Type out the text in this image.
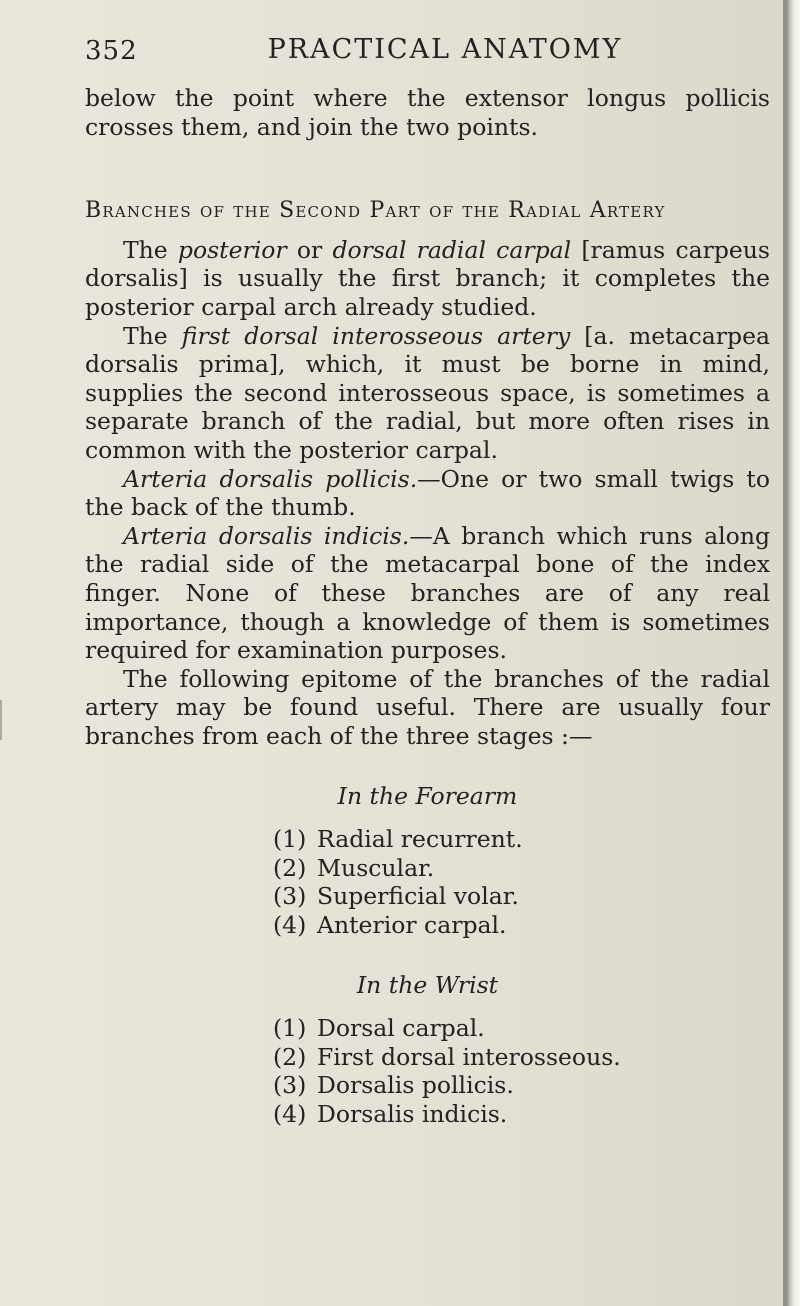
352	PRACTICAL ANATOMY

below the point where the extensor longus pollicis crosses them, and join the two points.

Branches of the Second Part of the Radial Artery

The posterior or dorsal radial carpal [ramus carpeus dorsalis] is usually the first branch; it completes the posterior carpal arch already studied.

The first dorsal interosseous artery [a. metacarpea dorsalis prima], which, it must be borne in mind, supplies the second interosseous space, is sometimes a separate branch of the radial, but more often rises in common with the posterior carpal.

Arteria dorsalis pollicis.—One or two small twigs to the back of the thumb.

Arteria dorsalis indicis.—A branch which runs along the radial side of the metacarpal bone of the index finger. None of these branches are of any real importance, though a knowledge of them is sometimes required for examination purposes.

The following epitome of the branches of the radial artery may be found useful. There are usually four branches from each of the three stages :—

In the Forearm
(1) Radial recurrent.
(2) Muscular.
(3) Superficial volar.
(4) Anterior carpal.
In the Wrist
(1) Dorsal carpal.
(2) First dorsal interosseous.
(3) Dorsalis pollicis.
(4) Dorsalis indicis.
